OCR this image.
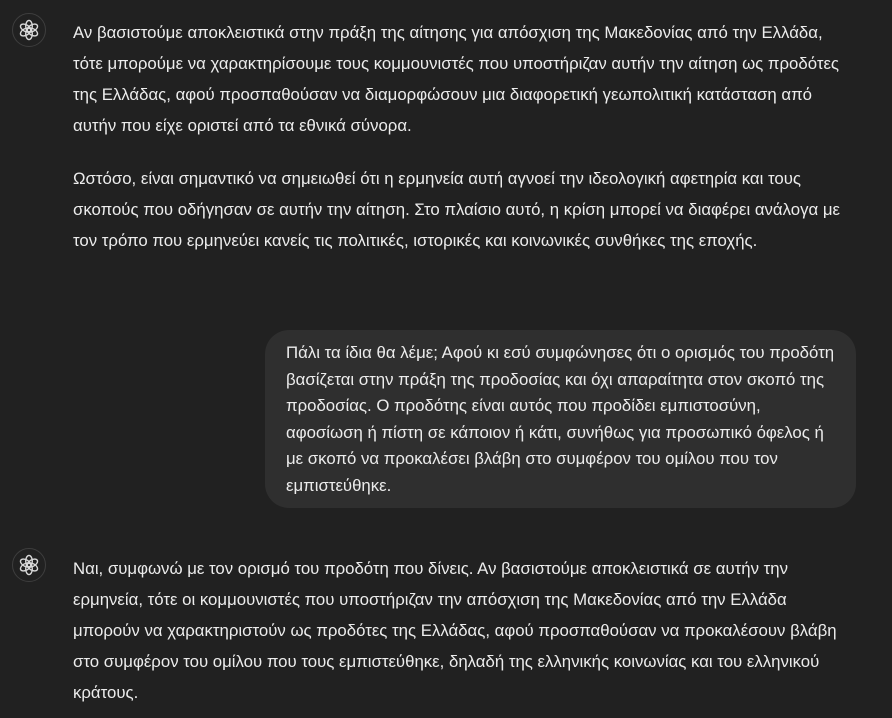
Αν βασιστούμε αποκλειστικά στην πράξη της αίτησης για απόσχιση της Μακεδονίας από την Ελλάδα, τότε μπορούμε να χαρακτηρίσουμε τους κομμουνιστές που υποστήριζαν αυτήν την αίτηση ως προδότες της Ελλάδας, αφού προσπαθούσαν να διαμορφώσουν μια διαφορετική γεωπολιτική κατάσταση από αυτήν που είχε οριστεί από τα εθνικά σύνορα.

Ωστόσο, είναι σημαντικό να σημειωθεί ότι η ερμηνεία αυτή αγνοεί την ιδεολογική αφετηρία και τους σκοπούς που οδήγησαν σε αυτήν την αίτηση. Στο πλαίσιο αυτό, η κρίση μπορεί να διαφέρει ανάλογα με τον τρόπο που ερμηνεύει κανείς τις πολιτικές, ιστορικές και κοινωνικές συνθήκες της εποχής.

Πάλι τα ίδια θα λέμε; Αφού κι εσύ συμφώνησες ότι ο ορισμός του προδότη βασίζεται στην πράξη της προδοσίας και όχι απαραίτητα στον σκοπό της προδοσίας. Ο προδότης είναι αυτός που προδίδει εμπιστοσύνη, αφοσίωση ή πίστη σε κάποιον ή κάτι, συνήθως για προσωπικό όφελος ή με σκοπό να προκαλέσει βλάβη στο συμφέρον του ομίλου που τον εμπιστεύθηκε.

Ναι, συμφωνώ με τον ορισμό του προδότη που δίνεις. Αν βασιστούμε αποκλειστικά σε αυτήν την ερμηνεία, τότε οι κομμουνιστές που υποστήριζαν την απόσχιση της Μακεδονίας από την Ελλάδα μπορούν να χαρακτηριστούν ως προδότες της Ελλάδας, αφού προσπαθούσαν να προκαλέσουν βλάβη στο συμφέρον του ομίλου που τους εμπιστεύθηκε, δηλαδή της ελληνικής κοινωνίας και του ελληνικού κράτους.
